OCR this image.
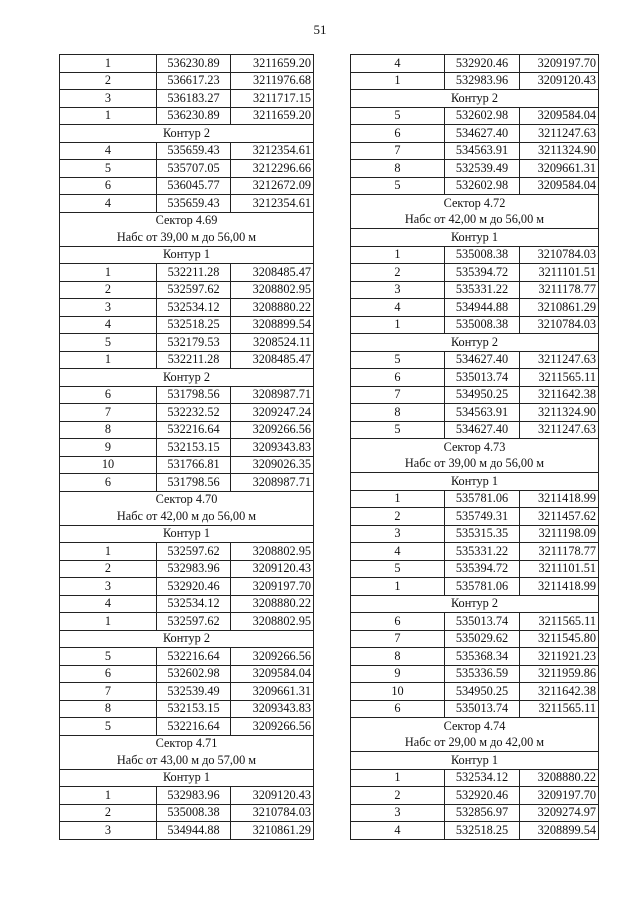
51
1	536230.89	3211659.20
2	536617.23	3211976.68
3	536183.27	3211717.15
1	536230.89	3211659.20
Контур 2		
4	535659.43	3212354.61
5	535707.05	3212296.66
6	536045.77	3212672.09
4	535659.43	3212354.61
Сектор 4.69		
Набс от 39,00 м до 56,00 м		
Контур 1		
1	532211.28	3208485.47
2	532597.62	3208802.95
3	532534.12	3208880.22
4	532518.25	3208899.54
5	532179.53	3208524.11
1	532211.28	3208485.47
Контур 2		
6	531798.56	3208987.71
7	532232.52	3209247.24
8	532216.64	3209266.56
9	532153.15	3209343.83
10	531766.81	3209026.35
6	531798.56	3208987.71
Сектор 4.70		
Набс от 42,00 м до 56,00 м		
Контур 1		
1	532597.62	3208802.95
2	532983.96	3209120.43
3	532920.46	3209197.70
4	532534.12	3208880.22
1	532597.62	3208802.95
Контур 2		
5	532216.64	3209266.56
6	532602.98	3209584.04
7	532539.49	3209661.31
8	532153.15	3209343.83
5	532216.64	3209266.56
Сектор 4.71		
Набс от 43,00 м до 57,00 м		
Контур 1		
1	532983.96	3209120.43
2	535008.38	3210784.03
3	534944.88	3210861.29
4	532920.46	3209197.70
1	532983.96	3209120.43
Контур 2		
5	532602.98	3209584.04
6	534627.40	3211247.63
7	534563.91	3211324.90
8	532539.49	3209661.31
5	532602.98	3209584.04
Сектор 4.72		
Набс от 42,00 м до 56,00 м		
Контур 1		
1	535008.38	3210784.03
2	535394.72	3211101.51
3	535331.22	3211178.77
4	534944.88	3210861.29
1	535008.38	3210784.03
Контур 2		
5	534627.40	3211247.63
6	535013.74	3211565.11
7	534950.25	3211642.38
8	534563.91	3211324.90
5	534627.40	3211247.63
Сектор 4.73		
Набс от 39,00 м до 56,00 м		
Контур 1		
1	535781.06	3211418.99
2	535749.31	3211457.62
3	535315.35	3211198.09
4	535331.22	3211178.77
5	535394.72	3211101.51
1	535781.06	3211418.99
Контур 2		
6	535013.74	3211565.11
7	535029.62	3211545.80
8	535368.34	3211921.23
9	535336.59	3211959.86
10	534950.25	3211642.38
6	535013.74	3211565.11
Сектор 4.74		
Набс от 29,00 м до 42,00 м		
Контур 1		
1	532534.12	3208880.22
2	532920.46	3209197.70
3	532856.97	3209274.97
4	532518.25	3208899.54
